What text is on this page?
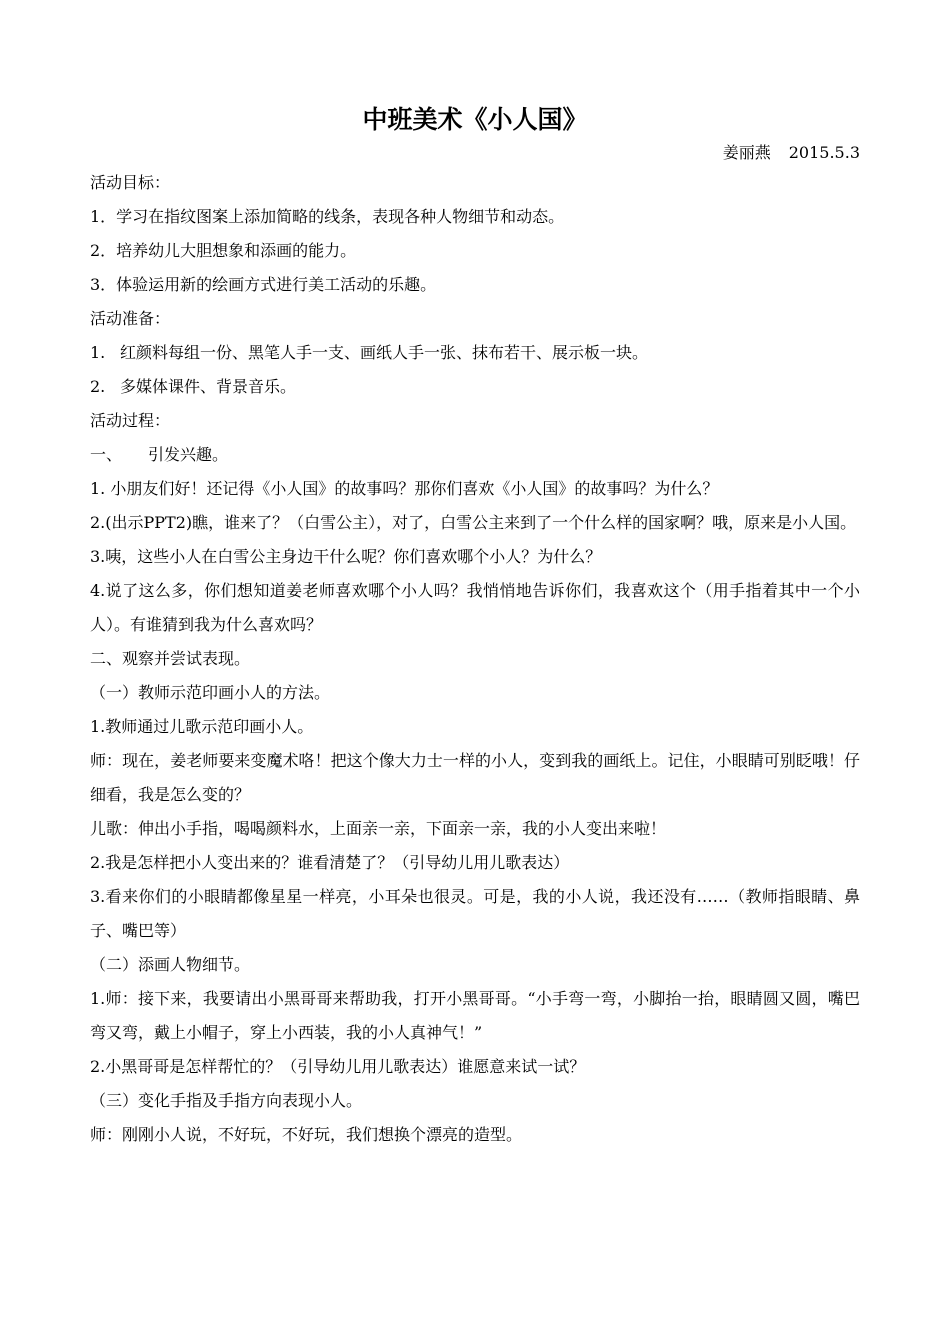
中班美术《小人国》
姜丽燕 2015.5.3

活动目标：

1．学习在指纹图案上添加简略的线条，表现各种人物细节和动态。

2．培养幼儿大胆想象和添画的能力。

3．体验运用新的绘画方式进行美工活动的乐趣。

活动准备：

1. 红颜料每组一份、黑笔人手一支、画纸人手一张、抹布若干、展示板一块。
2. 多媒体课件、背景音乐。

活动过程：

一、 引发兴趣。

1. 小朋友们好！还记得《小人国》的故事吗？那你们喜欢《小人国》的故事吗？为什么？

2.(出示PPT2)瞧，谁来了？（白雪公主），对了，白雪公主来到了一个什么样的国家啊？哦，原来是小人国。

3.咦，这些小人在白雪公主身边干什么呢？你们喜欢哪个小人？为什么？

4.说了这么多，你们想知道姜老师喜欢哪个小人吗？我悄悄地告诉你们，我喜欢这个（用手指着其中一个小人）。有谁猜到我为什么喜欢吗？

二、观察并尝试表现。

（一）教师示范印画小人的方法。

1.教师通过儿歌示范印画小人。

师：现在，姜老师要来变魔术咯！把这个像大力士一样的小人，变到我的画纸上。记住，小眼睛可别眨哦！仔细看，我是怎么变的？

儿歌：伸出小手指，喝喝颜料水，上面亲一亲，下面亲一亲，我的小人变出来啦！

2.我是怎样把小人变出来的？谁看清楚了？（引导幼儿用儿歌表达）

3.看来你们的小眼睛都像星星一样亮，小耳朵也很灵。可是，我的小人说，我还没有……（教师指眼睛、鼻子、嘴巴等）

（二）添画人物细节。

1.师：接下来，我要请出小黑哥哥来帮助我，打开小黑哥哥。“小手弯一弯，小脚抬一抬，眼睛圆又圆，嘴巴弯又弯，戴上小帽子，穿上小西装，我的小人真神气！”

2.小黑哥哥是怎样帮忙的？（引导幼儿用儿歌表达）谁愿意来试一试？

（三）变化手指及手指方向表现小人。

师：刚刚小人说，不好玩，不好玩，我们想换个漂亮的造型。
